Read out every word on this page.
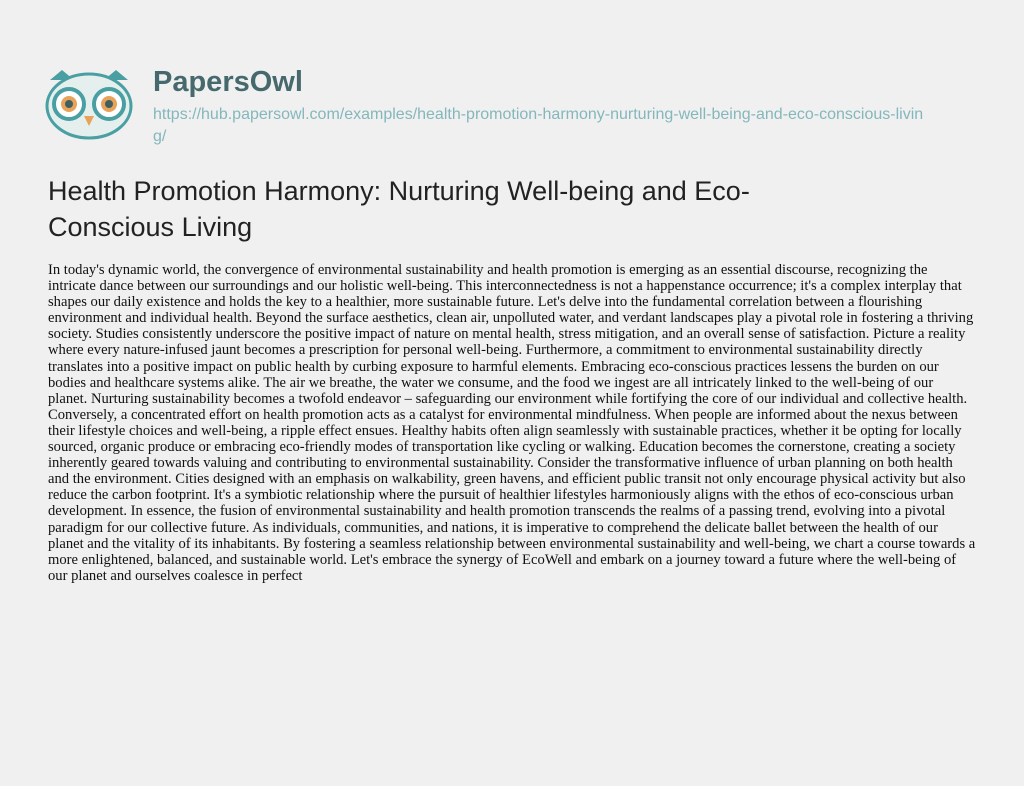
PapersOwl
https://hub.papersowl.com/examples/health-promotion-harmony-nurturing-well-being-and-eco-conscious-living/
Health Promotion Harmony: Nurturing Well-being and Eco-Conscious Living

In today's dynamic world, the convergence of environmental sustainability and health promotion is emerging as an essential discourse, recognizing the intricate dance between our surroundings and our holistic well-being. This interconnectedness is not a happenstance occurrence; it's a complex interplay that shapes our daily existence and holds the key to a healthier, more sustainable future. Let's delve into the fundamental correlation between a flourishing environment and individual health. Beyond the surface aesthetics, clean air, unpolluted water, and verdant landscapes play a pivotal role in fostering a thriving society. Studies consistently underscore the positive impact of nature on mental health, stress mitigation, and an overall sense of satisfaction. Picture a reality where every nature-infused jaunt becomes a prescription for personal well-being. Furthermore, a commitment to environmental sustainability directly translates into a positive impact on public health by curbing exposure to harmful elements. Embracing eco-conscious practices lessens the burden on our bodies and healthcare systems alike. The air we breathe, the water we consume, and the food we ingest are all intricately linked to the well-being of our planet. Nurturing sustainability becomes a twofold endeavor – safeguarding our environment while fortifying the core of our individual and collective health. Conversely, a concentrated effort on health promotion acts as a catalyst for environmental mindfulness. When people are informed about the nexus between their lifestyle choices and well-being, a ripple effect ensues. Healthy habits often align seamlessly with sustainable practices, whether it be opting for locally sourced, organic produce or embracing eco-friendly modes of transportation like cycling or walking. Education becomes the cornerstone, creating a society inherently geared towards valuing and contributing to environmental sustainability. Consider the transformative influence of urban planning on both health and the environment. Cities designed with an emphasis on walkability, green havens, and efficient public transit not only encourage physical activity but also reduce the carbon footprint. It's a symbiotic relationship where the pursuit of healthier lifestyles harmoniously aligns with the ethos of eco-conscious urban development. In essence, the fusion of environmental sustainability and health promotion transcends the realms of a passing trend, evolving into a pivotal paradigm for our collective future. As individuals, communities, and nations, it is imperative to comprehend the delicate ballet between the health of our planet and the vitality of its inhabitants. By fostering a seamless relationship between environmental sustainability and well-being, we chart a course towards a more enlightened, balanced, and sustainable world. Let's embrace the synergy of EcoWell and embark on a journey toward a future where the well-being of our planet and ourselves coalesce in perfect
